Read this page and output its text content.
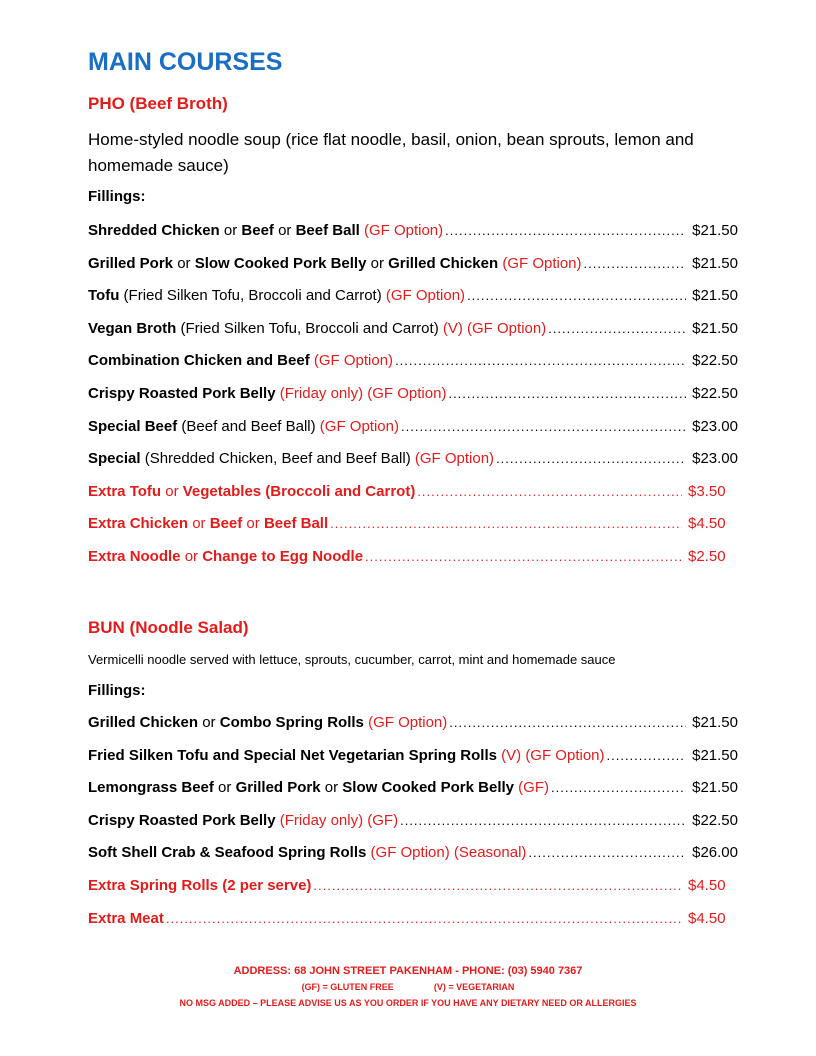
MAIN COURSES
PHO (Beef Broth)
Home-styled noodle soup (rice flat noodle, basil, onion, bean sprouts, lemon and homemade sauce)
Fillings:
Shredded Chicken or Beef or Beef Ball (GF Option) .....	$21.50
Grilled Pork or Slow Cooked Pork Belly or Grilled Chicken (GF Option) .....	$21.50
Tofu (Fried Silken Tofu, Broccoli and Carrot) (GF Option) .....	$21.50
Vegan Broth (Fried Silken Tofu, Broccoli and Carrot) (V) (GF Option) .....	$21.50
Combination Chicken and Beef (GF Option) .....	$22.50
Crispy Roasted Pork Belly (Friday only) (GF Option) .....	$22.50
Special Beef (Beef and Beef Ball) (GF Option) .....	$23.00
Special (Shredded Chicken, Beef and Beef Ball) (GF Option) .....	$23.00
Extra Tofu or Vegetables (Broccoli and Carrot) .....	$3.50
Extra Chicken or Beef or Beef Ball .....	$4.50
Extra Noodle or Change to Egg Noodle .....	$2.50
BUN (Noodle Salad)
Vermicelli noodle served with lettuce, sprouts, cucumber, carrot, mint and homemade sauce
Fillings:
Grilled Chicken or Combo Spring Rolls (GF Option) .....	$21.50
Fried Silken Tofu and Special Net Vegetarian Spring Rolls (V) (GF Option) .....	$21.50
Lemongrass Beef or Grilled Pork or Slow Cooked Pork Belly (GF) .....	$21.50
Crispy Roasted Pork Belly (Friday only) (GF) .....	$22.50
Soft Shell Crab & Seafood Spring Rolls (GF Option) (Seasonal) .....	$26.00
Extra Spring Rolls (2 per serve) .....	$4.50
Extra Meat .....	$4.50
ADDRESS: 68 JOHN STREET PAKENHAM - PHONE: (03) 5940 7367
(GF) = GLUTEN FREE                (V) = VEGETARIAN
NO MSG ADDED – PLEASE ADVISE US AS YOU ORDER IF YOU HAVE ANY DIETARY NEED OR ALLERGIES
